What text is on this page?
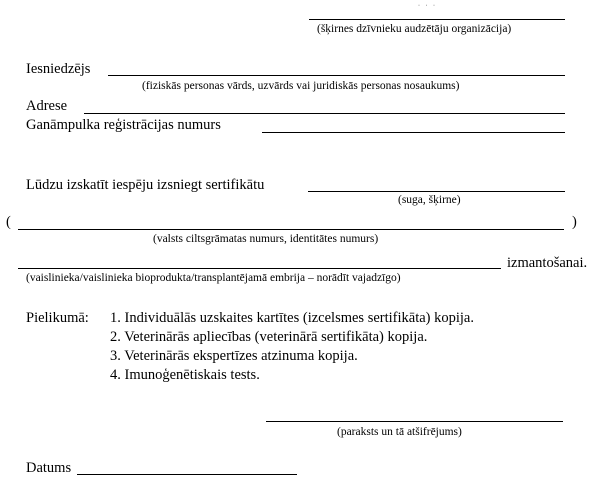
· · ·
(šķirnes dzīvnieku audzētāju organizācija)
Iesniedzējs
(fiziskās personas vārds, uzvārds vai juridiskās personas nosaukums)
Adrese
Ganāmpulka reģistrācijas numurs
Lūdzu izskatīt iespēju izsniegt sertifikātu
(suga, šķirne)
(	)
(valsts ciltsgrāmatas numurs, identitātes numurs)
izmantošanai.
(vaislinieka/vaislinieka bioprodukta/transplantējamā embrija – norādīt vajadzīgo)
Pielikumā: 1. Individuālās uzskaites kartītes (izcelsmes sertifikāta) kopija.
2. Veterinārās apliecības (veterinārā sertifikāta) kopija.
3. Veterinārās ekspertīzes atzinuma kopija.
4. Imunoģenētiskais tests.
(paraksts un tā atšifrējums)
Datums
